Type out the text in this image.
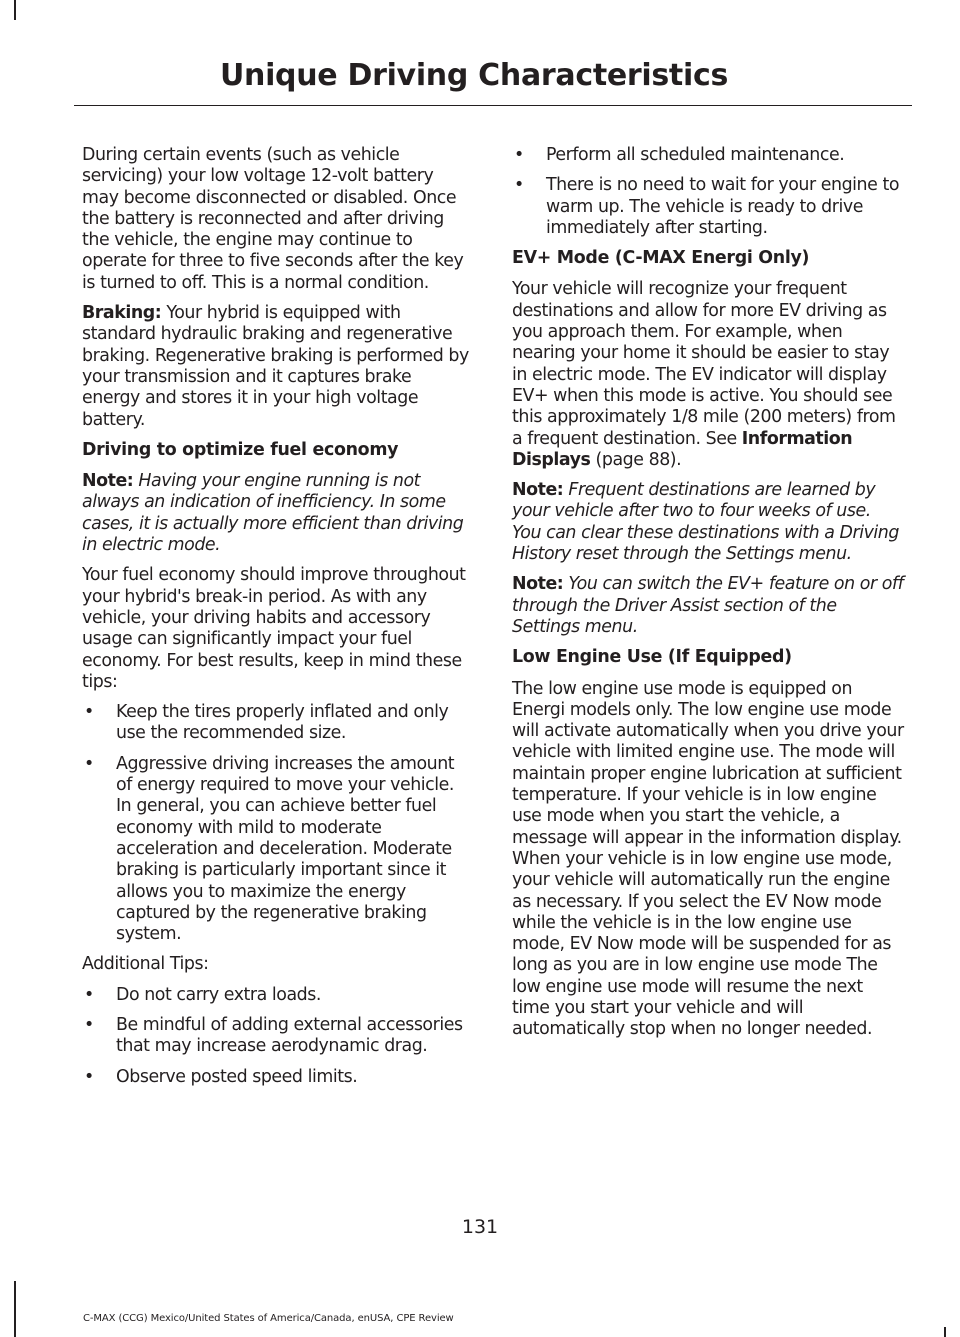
Unique Driving Characteristics

During certain events (such as vehicle servicing) your low voltage 12-volt battery may become disconnected or disabled. Once the battery is reconnected and after driving the vehicle, the engine may continue to operate for three to five seconds after the key is turned to off. This is a normal condition.

Braking: Your hybrid is equipped with standard hydraulic braking and regenerative braking. Regenerative braking is performed by your transmission and it captures brake energy and stores it in your high voltage battery.

Driving to optimize fuel economy

Note: Having your engine running is not always an indication of inefficiency. In some cases, it is actually more efficient than driving in electric mode.

Your fuel economy should improve throughout your hybrid's break-in period. As with any vehicle, your driving habits and accessory usage can significantly impact your fuel economy. For best results, keep in mind these tips:

• Keep the tires properly inflated and only use the recommended size.
• Aggressive driving increases the amount of energy required to move your vehicle. In general, you can achieve better fuel economy with mild to moderate acceleration and deceleration. Moderate braking is particularly important since it allows you to maximize the energy captured by the regenerative braking system.

Additional Tips:

• Do not carry extra loads.
• Be mindful of adding external accessories that may increase aerodynamic drag.
• Observe posted speed limits.
• Perform all scheduled maintenance.
• There is no need to wait for your engine to warm up. The vehicle is ready to drive immediately after starting.
EV+ Mode (C-MAX Energi Only)

Your vehicle will recognize your frequent destinations and allow for more EV driving as you approach them. For example, when nearing your home it should be easier to stay in electric mode. The EV indicator will display EV+ when this mode is active. You should see this approximately 1/8 mile (200 meters) from a frequent destination. See Information Displays (page 88).

Note: Frequent destinations are learned by your vehicle after two to four weeks of use. You can clear these destinations with a Driving History reset through the Settings menu.

Note: You can switch the EV+ feature on or off through the Driver Assist section of the Settings menu.

Low Engine Use (If Equipped)

The low engine use mode is equipped on Energi models only. The low engine use mode will activate automatically when you drive your vehicle with limited engine use. The mode will maintain proper engine lubrication at sufficient temperature. If your vehicle is in low engine use mode when you start the vehicle, a message will appear in the information display. When your vehicle is in low engine use mode, your vehicle will automatically run the engine as necessary. If you select the EV Now mode while the vehicle is in the low engine use mode, EV Now mode will be suspended for as long as you are in low engine use mode The low engine use mode will resume the next time you start your vehicle and will automatically stop when no longer needed.

131
C-MAX (CCG) Mexico/United States of America/Canada, enUSA, CPE Review
